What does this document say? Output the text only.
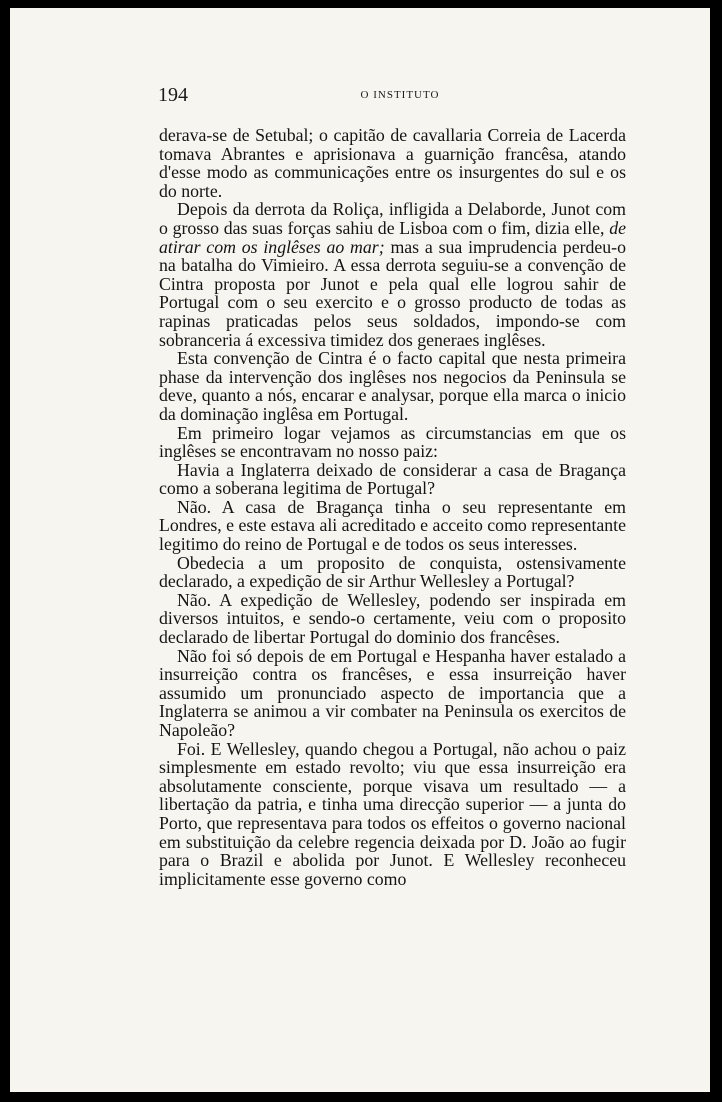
194	O INSTITUTO

derava-se de Setubal; o capitão de cavallaria Correia de Lacerda tomava Abrantes e aprisionava a guarnição francêsa, atando d'esse modo as communicações entre os insurgentes do sul e os do norte.

Depois da derrota da Roliça, infligida a Delaborde, Junot com o grosso das suas forças sahiu de Lisboa com o fim, dizia elle, de atirar com os inglêses ao mar; mas a sua imprudencia perdeu-o na batalha do Vimieiro. A essa derrota seguiu-se a convenção de Cintra proposta por Junot e pela qual elle logrou sahir de Portugal com o seu exercito e o grosso producto de todas as rapinas praticadas pelos seus soldados, impondo-se com sobranceria á excessiva timidez dos generaes inglêses.

Esta convenção de Cintra é o facto capital que nesta primeira phase da intervenção dos inglêses nos negocios da Peninsula se deve, quanto a nós, encarar e analysar, porque ella marca o inicio da dominação inglêsa em Portugal.

Em primeiro logar vejamos as circumstancias em que os inglêses se encontravam no nosso paiz:

Havia a Inglaterra deixado de considerar a casa de Bragança como a soberana legitima de Portugal?

Não. A casa de Bragança tinha o seu representante em Londres, e este estava ali acreditado e acceito como representante legitimo do reino de Portugal e de todos os seus interesses.

Obedecia a um proposito de conquista, ostensivamente declarado, a expedição de sir Arthur Wellesley a Portugal?

Não. A expedição de Wellesley, podendo ser inspirada em diversos intuitos, e sendo-o certamente, veiu com o proposito declarado de libertar Portugal do dominio dos francêses.

Não foi só depois de em Portugal e Hespanha haver estalado a insurreição contra os francêses, e essa insurreição haver assumido um pronunciado aspecto de importancia que a Inglaterra se animou a vir combater na Peninsula os exercitos de Napoleão?

Foi. E Wellesley, quando chegou a Portugal, não achou o paiz simplesmente em estado revolto; viu que essa insurreição era absolutamente consciente, porque visava um resultado — a libertação da patria, e tinha uma direcção superior — a junta do Porto, que representava para todos os effeitos o governo nacional em substituição da celebre regencia deixada por D. João ao fugir para o Brazil e abolida por Junot. E Wellesley reconheceu implicitamente esse governo como
